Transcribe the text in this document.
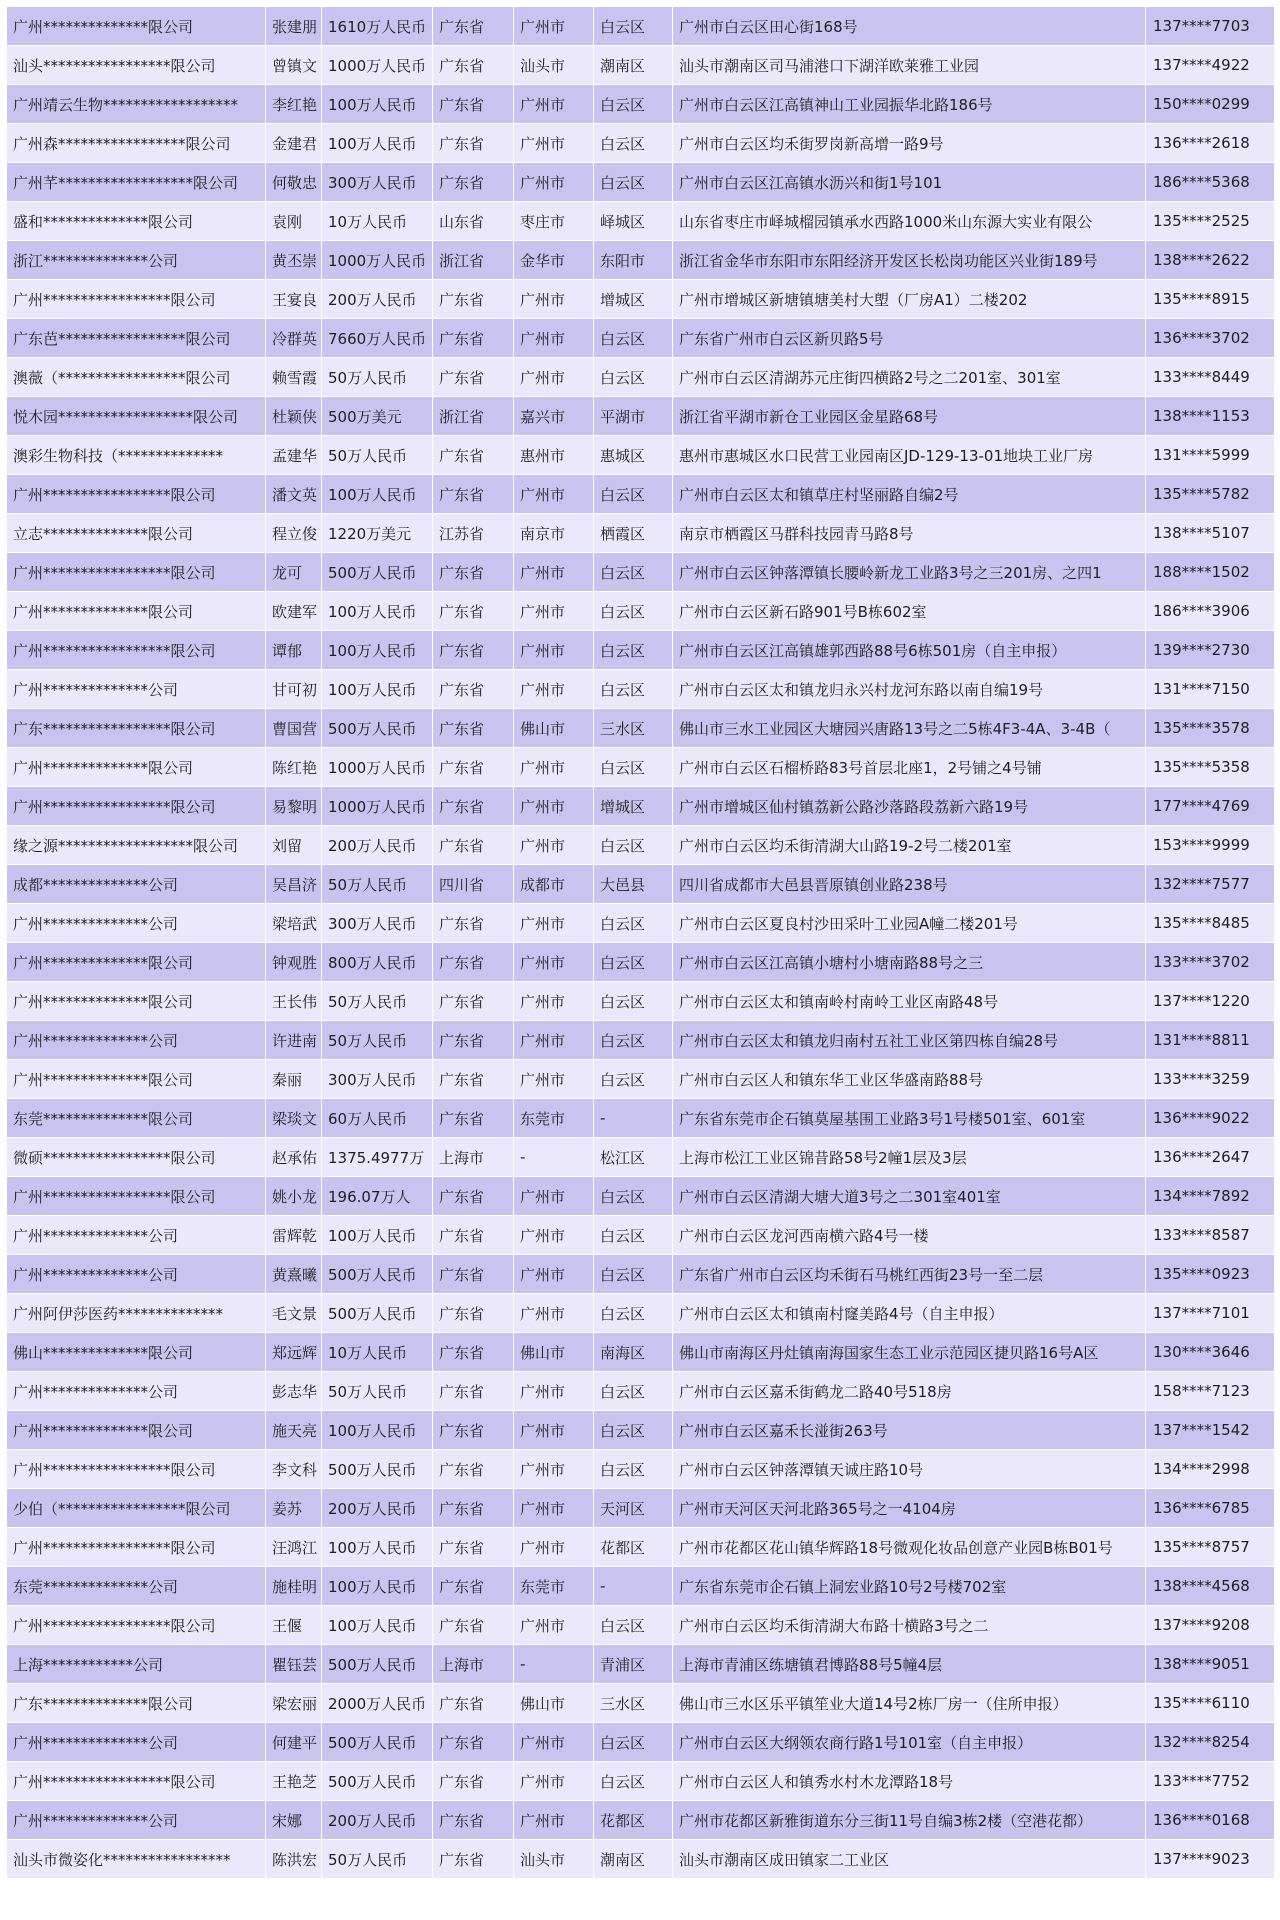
广州**************限公司	张建朋	1610万人民币	广东省	广州市	白云区	广州市白云区田心街168号	137****7703
汕头*****************限公司	曾镇文	1000万人民币	广东省	汕头市	潮南区	汕头市潮南区司马浦港口下湖洋欧莱雅工业园	137****4922
广州靖云生物******************	李红艳	100万人民币	广东省	广州市	白云区	广州市白云区江高镇神山工业园振华北路186号	150****0299
广州森*****************限公司	金建君	100万人民币	广东省	广州市	白云区	广州市白云区均禾街罗岗新高增一路9号	136****2618
广州芊******************限公司	何敬忠	300万人民币	广东省	广州市	白云区	广州市白云区江高镇水沥兴和街1号101	186****5368
盛和**************限公司	袁刚	10万人民币	山东省	枣庄市	峄城区	山东省枣庄市峄城榴园镇承水西路1000米山东源大实业有限公	135****2525
浙江**************公司	黄丕崇	1000万人民币	浙江省	金华市	东阳市	浙江省金华市东阳市东阳经济开发区长松岗功能区兴业街189号	138****2622
广州*****************限公司	王宴良	200万人民币	广东省	广州市	增城区	广州市增城区新塘镇塘美村大塱（厂房A1）二楼202	135****8915
广东芭*****************限公司	冷群英	7660万人民币	广东省	广州市	白云区	广东省广州市白云区新贝路5号	136****3702
澳薇（*****************限公司	赖雪霞	50万人民币	广东省	广州市	白云区	广州市白云区清湖苏元庄街四横路2号之二201室、301室	133****8449
悦木园******************限公司	杜颖侠	500万美元	浙江省	嘉兴市	平湖市	浙江省平湖市新仓工业园区金星路68号	138****1153
澳彩生物科技（**************	孟建华	50万人民币	广东省	惠州市	惠城区	惠州市惠城区水口民营工业园南区JD-129-13-01地块工业厂房	131****5999
广州*****************限公司	潘文英	100万人民币	广东省	广州市	白云区	广州市白云区太和镇草庄村坚丽路自编2号	135****5782
立志**************限公司	程立俊	1220万美元	江苏省	南京市	栖霞区	南京市栖霞区马群科技园青马路8号	138****5107
广州*****************限公司	龙可	500万人民币	广东省	广州市	白云区	广州市白云区钟落潭镇长腰岭新龙工业路3号之三201房、之四1	188****1502
广州**************限公司	欧建军	100万人民币	广东省	广州市	白云区	广州市白云区新石路901号B栋602室	186****3906
广州*****************限公司	谭郁	100万人民币	广东省	广州市	白云区	广州市白云区江高镇雄郭西路88号6栋501房（自主申报）	139****2730
广州**************公司	甘可初	100万人民币	广东省	广州市	白云区	广州市白云区太和镇龙归永兴村龙河东路以南自编19号	131****7150
广东*****************限公司	曹国营	500万人民币	广东省	佛山市	三水区	佛山市三水工业园区大塘园兴唐路13号之二5栋4F3-4A、3-4B（	135****3578
广州**************限公司	陈红艳	1000万人民币	广东省	广州市	白云区	广州市白云区石榴桥路83号首层北座1，2号铺之4号铺	135****5358
广州*****************限公司	易黎明	1000万人民币	广东省	广州市	增城区	广州市增城区仙村镇荔新公路沙落路段荔新六路19号	177****4769
缘之源******************限公司	刘留	200万人民币	广东省	广州市	白云区	广州市白云区均禾街清湖大山路19-2号二楼201室	153****9999
成都**************公司	吴昌济	50万人民币	四川省	成都市	大邑县	四川省成都市大邑县晋原镇创业路238号	132****7577
广州**************公司	梁培武	300万人民币	广东省	广州市	白云区	广州市白云区夏良村沙田采叶工业园A幢二楼201号	135****8485
广州**************限公司	钟观胜	800万人民币	广东省	广州市	白云区	广州市白云区江高镇小塘村小塘南路88号之三	133****3702
广州**************限公司	王长伟	50万人民币	广东省	广州市	白云区	广州市白云区太和镇南岭村南岭工业区南路48号	137****1220
广州**************公司	许进南	50万人民币	广东省	广州市	白云区	广州市白云区太和镇龙归南村五社工业区第四栋自编28号	131****8811
广州**************限公司	秦丽	300万人民币	广东省	广州市	白云区	广州市白云区人和镇东华工业区华盛南路88号	133****3259
东莞**************限公司	梁琰文	60万人民币	广东省	东莞市	-	广东省东莞市企石镇莫屋基围工业路3号1号楼501室、601室	136****9022
微硕*****************限公司	赵承佑	1375.4977万	上海市	-	松江区	上海市松江工业区锦昔路58号2幢1层及3层	136****2647
广州*****************限公司	姚小龙	196.07万人	广东省	广州市	白云区	广州市白云区清湖大塘大道3号之二301室401室	134****7892
广州**************公司	雷辉乾	100万人民币	广东省	广州市	白云区	广州市白云区龙河西南横六路4号一楼	133****8587
广州**************公司	黄熹曦	500万人民币	广东省	广州市	白云区	广东省广州市白云区均禾街石马桃红西街23号一至二层	135****0923
广州阿伊莎医药**************	毛文景	500万人民币	广东省	广州市	白云区	广州市白云区太和镇南村窿美路4号（自主申报）	137****7101
佛山**************限公司	郑远辉	10万人民币	广东省	佛山市	南海区	佛山市南海区丹灶镇南海国家生态工业示范园区捷贝路16号A区	130****3646
广州**************公司	彭志华	50万人民币	广东省	广州市	白云区	广州市白云区嘉禾街鹤龙二路40号518房	158****7123
广州**************限公司	施天亮	100万人民币	广东省	广州市	白云区	广州市白云区嘉禾长湴街263号	137****1542
广州*****************限公司	李文科	500万人民币	广东省	广州市	白云区	广州市白云区钟落潭镇天诚庄路10号	134****2998
少伯（*****************限公司	姜苏	200万人民币	广东省	广州市	天河区	广州市天河区天河北路365号之一4104房	136****6785
广州*****************限公司	汪鸿江	100万人民币	广东省	广州市	花都区	广州市花都区花山镇华辉路18号微观化妆品创意产业园B栋B01号	135****8757
东莞**************公司	施桂明	100万人民币	广东省	东莞市	-	广东省东莞市企石镇上洞宏业路10号2号楼702室	138****4568
广州*****************限公司	王偃	100万人民币	广东省	广州市	白云区	广州市白云区均禾街清湖大布路十横路3号之二	137****9208
上海************公司	瞿钰芸	500万人民币	上海市	-	青浦区	上海市青浦区练塘镇君博路88号5幢4层	138****9051
广东**************限公司	梁宏丽	2000万人民币	广东省	佛山市	三水区	佛山市三水区乐平镇笙业大道14号2栋厂房一（住所申报）	135****6110
广州**************公司	何建平	500万人民币	广东省	广州市	白云区	广州市白云区大纲领农商行路1号101室（自主申报）	132****8254
广州*****************限公司	王艳芝	500万人民币	广东省	广州市	白云区	广州市白云区人和镇秀水村木龙潭路18号	133****7752
广州**************公司	宋娜	200万人民币	广东省	广州市	花都区	广州市花都区新雅街道东分三街11号自编3栋2楼（空港花都）	136****0168
汕头市微姿化*****************	陈洪宏	50万人民币	广东省	汕头市	潮南区	汕头市潮南区成田镇家二工业区	137****9023
